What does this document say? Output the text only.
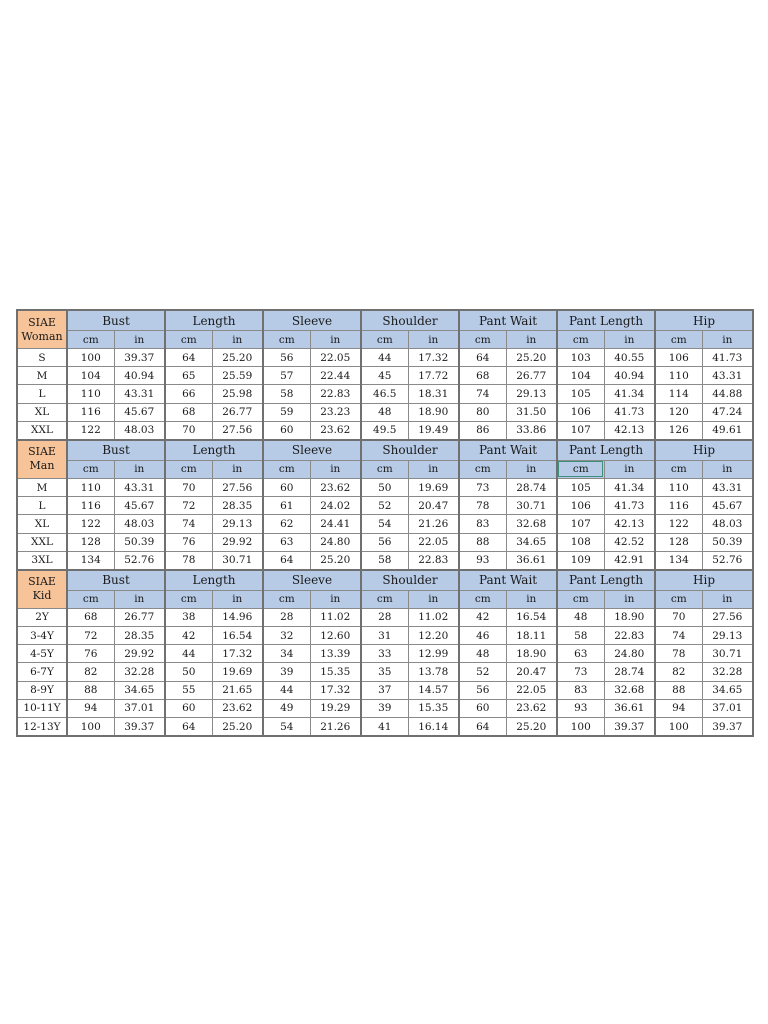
SIAE
Woman	Bust		Length		Sleeve		Shoulder		Pant Wait		Pant Length		Hip	
	cm	in	cm	in	cm	in	cm	in	cm	in	cm	in	cm	in
S	100	39.37	64	25.20	56	22.05	44	17.32	64	25.20	103	40.55	106	41.73
M	104	40.94	65	25.59	57	22.44	45	17.72	68	26.77	104	40.94	110	43.31
L	110	43.31	66	25.98	58	22.83	46.5	18.31	74	29.13	105	41.34	114	44.88
XL	116	45.67	68	26.77	59	23.23	48	18.90	80	31.50	106	41.73	120	47.24
XXL	122	48.03	70	27.56	60	23.62	49.5	19.49	86	33.86	107	42.13	126	49.61

SIAE
Man	Bust		Length		Sleeve		Shoulder		Pant Wait		Pant Length		Hip	
	cm	in	cm	in	cm	in	cm	in	cm	in	cm	in	cm	in
M	110	43.31	70	27.56	60	23.62	50	19.69	73	28.74	105	41.34	110	43.31
L	116	45.67	72	28.35	61	24.02	52	20.47	78	30.71	106	41.73	116	45.67
XL	122	48.03	74	29.13	62	24.41	54	21.26	83	32.68	107	42.13	122	48.03
XXL	128	50.39	76	29.92	63	24.80	56	22.05	88	34.65	108	42.52	128	50.39
3XL	134	52.76	78	30.71	64	25.20	58	22.83	93	36.61	109	42.91	134	52.76

SIAE
Kid	Bust		Length		Sleeve		Shoulder		Pant Wait		Pant Length		Hip	
	cm	in	cm	in	cm	in	cm	in	cm	in	cm	in	cm	in
2Y	68	26.77	38	14.96	28	11.02	28	11.02	42	16.54	48	18.90	70	27.56
3-4Y	72	28.35	42	16.54	32	12.60	31	12.20	46	18.11	58	22.83	74	29.13
4-5Y	76	29.92	44	17.32	34	13.39	33	12.99	48	18.90	63	24.80	78	30.71
6-7Y	82	32.28	50	19.69	39	15.35	35	13.78	52	20.47	73	28.74	82	32.28
8-9Y	88	34.65	55	21.65	44	17.32	37	14.57	56	22.05	83	32.68	88	34.65
10-11Y	94	37.01	60	23.62	49	19.29	39	15.35	60	23.62	93	36.61	94	37.01
12-13Y	100	39.37	64	25.20	54	21.26	41	16.14	64	25.20	100	39.37	100	39.37
